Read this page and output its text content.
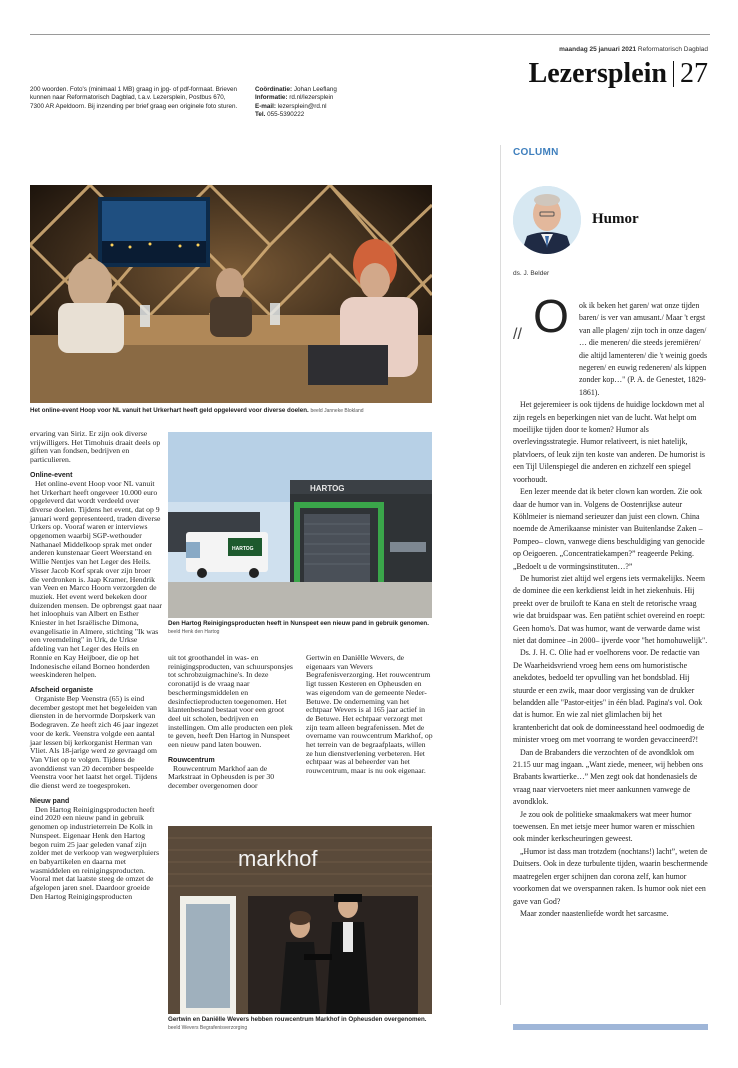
maandag 25 januari 2021 Reformatorisch Dagblad
Lezersplein 27
200 woorden. Foto's (minimaal 1 MB) graag in jpg- of pdf-formaat. Brieven kunnen naar Reformatorisch Dagblad, t.a.v. Lezersplein, Postbus 670, 7300 AR Apeldoorn. Bij inzending per brief graag een originele foto sturen.
Coördinatie: Johan Leeflang
Informatie: rd.nl/lezersplein
E-mail: lezersplein@rd.nl
Tel. 055-5390222
Het online-event Hoop voor NL vanuit het Urkerhart heeft geld opgeleverd voor diverse doelen. beeld Janneke Blokland

ervaring van Siriz. Er zijn ook diverse vrijwilligers. Het Timohuis draait deels op giften van fondsen, bedrijven en particulieren.

Online-event

Het online-event Hoop voor NL vanuit het Urkerhart heeft ongeveer 10.000 euro opgeleverd dat wordt verdeeld over diverse doelen. Tijdens het event, dat op 9 januari werd gepresenteerd, traden diverse Urkers op. Vooraf waren er interviews opgenomen waarbij SGP-wethouder Nathanael Middelkoop sprak met onder anderen kunstenaar Geert Weerstand en Willie Nentjes van het Leger des Heils. Visser Jacob Korf sprak over zijn broer die verdronken is. Jaap Kramer, Hendrik van Veen en Marco Hoorn verzorgden de muziek. Het event werd bekeken door duizenden mensen. De opbrengst gaat naar het inloophuis van Albert en Esther Kniester in het Israëlische Dimona, evangelisatie in Almere, stichting "Ik was een vreemdeling" in Urk, de Urkse afdeling van het Leger des Heils en Ronnie en Kay Heijboer, die op het Indonesische eiland Borneo honderden weeskinderen helpen.

Afscheid organiste

Organiste Bep Veenstra (65) is eind december gestopt met het begeleiden van diensten in de hervormde Dorpskerk van Bodegraven. Ze heeft zich 46 jaar ingezet voor de kerk. Veenstra volgde een aantal jaar lessen bij kerkorganist Herman van Vliet. Als 18-jarige werd ze gevraagd om Van Vliet op te volgen. Tijdens de avonddienst van 20 december bespeelde Veenstra voor het laatst het orgel. Tijdens die dienst werd ze toegesproken.

Nieuw pand

Den Hartog Reinigingsproducten heeft eind 2020 een nieuw pand in gebruik genomen op industrieterrein De Kolk in Nunspeet. Eigenaar Henk den Hartog begon ruim 25 jaar geleden vanaf zijn zolder met de verkoop van wegwerpluiers en babyartikelen en daarna met wasmiddelen en reinigingsproducten. Vooral met dat laatste steeg de omzet de afgelopen jaren snel. Daardoor groeide Den Hartog Reinigingsproducten

HARTOG
HARTOG
Den Hartog Reinigingsproducten heeft in Nunspeet een nieuw pand in gebruik genomen. beeld Henk den Hartog

uit tot groothandel in was- en reinigingsproducten, van schuursponsjes tot schrobzuigmachine's. In deze coronatijd is de vraag naar beschermingsmiddelen en desinfectieproducten toegenomen. Het klantenbestand bestaat voor een groot deel uit scholen, bedrijven en instellingen. Om alle producten een plek te geven, heeft Den Hartog in Nunspeet een nieuw pand laten bouwen.

Rouwcentrum

Rouwcentrum Markhof aan de Markstraat in Opheusden is per 30 december overgenomen door

Gertwin en Daniëlle Wevers, de eigenaars van Wevers Begrafenisverzorging. Het rouwcentrum ligt tussen Kesteren en Opheusden en was eigendom van de gemeente Neder-Betuwe. De onderneming van het echtpaar Wevers is al 165 jaar actief in de Betuwe. Het echtpaar verzorgt met zijn team alleen begrafenissen. Met de overname van rouwcentrum Markhof, op het terrein van de begraafplaats, willen ze hun dienstverlening verbeteren. Het echtpaar was al beheerder van het rouwcentrum, maar is nu ook eigenaar.

markhof
Gertwin en Daniëlle Wevers hebben rouwcentrum Markhof in Opheusden overgenomen. beeld Wevers Begrafenisverzorging
COLUMN
Humor
ds. J. Belder
// O	ok ik beken het garen/ wat onze tijden baren/ is ver van amusant./ Maar 't ergst van alle plagen/ zijn toch in onze dagen/ … die meneren/ die steeds jeremiëren/ die altijd lamenteren/ die 't weinig goeds negeren/ en euwig redeneren/ als kippen zonder kop…" (P. A. de Genestet, 1829-1861).

Het gejeremieer is ook tijdens de huidige lockdown met al zijn regels en beperkingen niet van de lucht. Wat helpt om moeilijke tijden door te komen? Humor als overlevingsstrategie. Humor relativeert, is niet hatelijk, platvloers, of leuk zijn ten koste van anderen. De humorist is een Tijl Uilenspiegel die anderen en zichzelf een spiegel voorhoudt.

Een lezer meende dat ik beter clown kan worden. Zie ook daar de humor van in. Volgens de Oostenrijkse auteur Köhlmeier is niemand serieuzer dan juist een clown. China noemde de Amerikaanse minister van Buitenlandse Zaken –Pompeo– clown, vanwege diens beschuldiging van genocide op Oeigoeren. „Concentratiekampen?” reageerde Peking. „Bedoelt u de vormingsinstituten…?”

De humorist ziet altijd wel ergens iets vermakelijks. Neem de dominee die een kerkdienst leidt in het ziekenhuis. Hij preekt over de bruiloft te Kana en stelt de retorische vraag wie dat bruidspaar was. Een patiënt schiet overeind en roept: Geen homo's. Dat was humor, want de verwarde dame wist niet dat dominee –in 2000– ijverde voor "het homohuwelijk".

Ds. J. H. C. Olie had er voelhorens voor. De redactie van De Waarheidsvriend vroeg hem eens om humoristische anekdotes, bedoeld ter opvulling van het bondsblad. Hij stuurde er een zwik, maar door vergissing van de drukker belandden alle "Pastor-eitjes" in één blad. Pagina's vol. Ook dat is humor. En wie zal niet glimlachen bij het krantenbericht dat ook de domineesstand heel oodmoedig de minister vroeg om met voorrang te worden gevaccineerd?!

Dan de Brabanders die verzochten of de avondklok om 21.15 uur mag ingaan. „Want ziede, meneer, wij hebben ons Brabants kwartierke…” Men zegt ook dat hondenasiels de vraag naar viervoeters niet meer aankunnen vanwege de avondklok.

Je zou ook de politieke smaakmakers wat meer humor toewensen. En met ietsje meer humor waren er misschien ook minder kerkscheuringen geweest.

„Humor ist dass man trotzdem (nochtans!) lacht”, weten de Duitsers. Ook in deze turbulente tijden, waarin beschermende maatregelen erger schijnen dan corona zelf, kan humor voorkomen dat we overspannen raken. Is humor ook niet een gave van God?

Maar zonder naastenliefde wordt het sarcasme.
